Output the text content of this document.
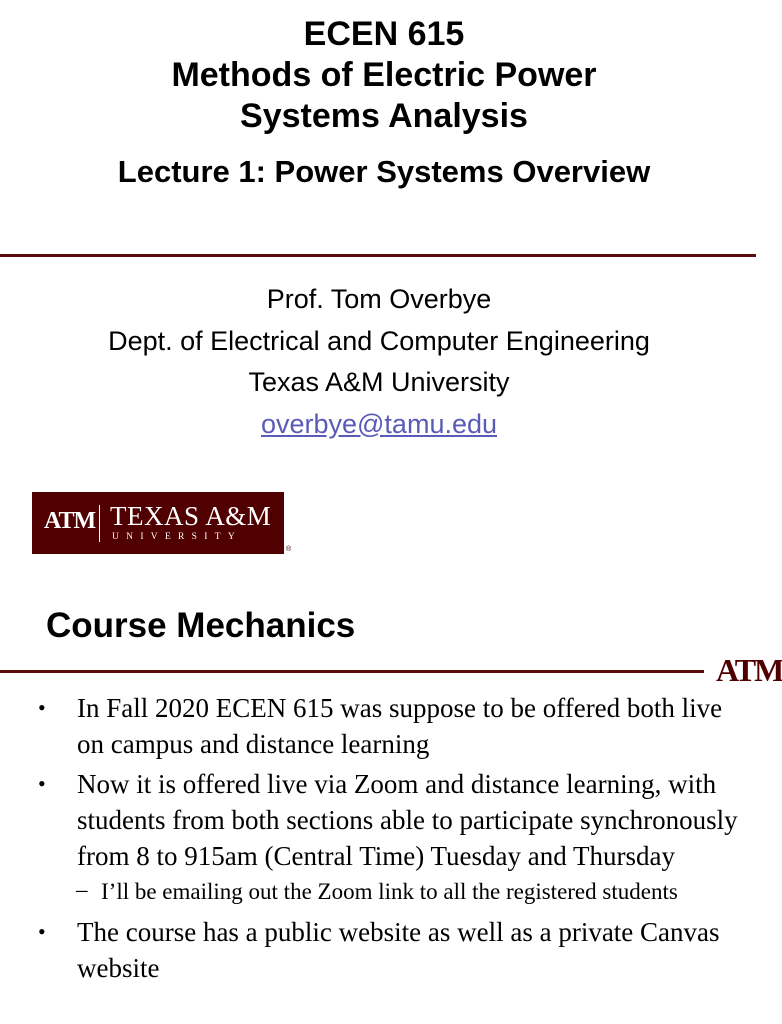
ECEN 615
Methods of Electric Power
Systems Analysis
Lecture 1: Power Systems Overview
Prof. Tom Overbye
Dept. of Electrical and Computer Engineering
Texas A&M University
overbye@tamu.edu
ATM TEXAS A&M
UNIVERSITY
®
Course Mechanics
ATM
• In Fall 2020 ECEN 615 was suppose to be offered both live on campus and distance learning
• Now it is offered live via Zoom and distance learning, with students from both sections able to participate synchronously from 8 to 915am (Central Time) Tuesday and Thursday
– I’ll be emailing out the Zoom link to all the registered students
• The course has a public website as well as a private Canvas website
